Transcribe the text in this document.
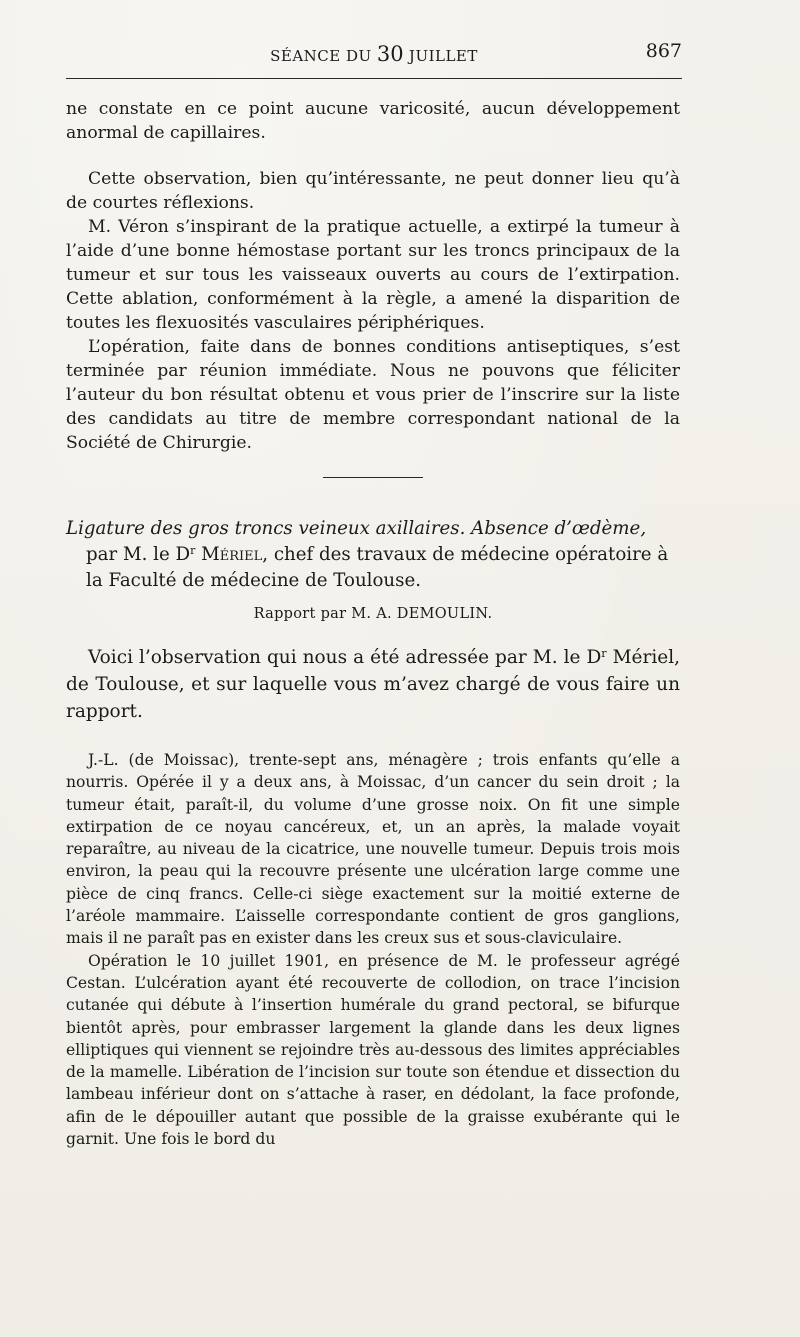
SÉANCE DU 30 JUILLET	867

ne constate en ce point aucune varicosité, aucun développement anormal de capillaires.

Cette observation, bien qu’intéressante, ne peut donner lieu qu’à de courtes réflexions.

M. Véron s’inspirant de la pratique actuelle, a extirpé la tumeur à l’aide d’une bonne hémostase portant sur les troncs principaux de la tumeur et sur tous les vaisseaux ouverts au cours de l’extirpation. Cette ablation, conformément à la règle, a amené la disparition de toutes les flexuosités vasculaires périphériques.

L’opération, faite dans de bonnes conditions antiseptiques, s’est terminée par réunion immédiate. Nous ne pouvons que féliciter l’auteur du bon résultat obtenu et vous prier de l’inscrire sur la liste des candidats au titre de membre correspondant national de la Société de Chirurgie.

Ligature des gros troncs veineux axillaires. Absence d’œdème, par M. le $D^r$ Mériel, chef des travaux de médecine opératoire à la Faculté de médecine de Toulouse.

Rapport par M. A. DEMOULIN.

Voici l’observation qui nous a été adressée par M. le $D^r$ Mériel, de Toulouse, et sur laquelle vous m’avez chargé de vous faire un rapport.

J.-L. (de Moissac), trente-sept ans, ménagère ; trois enfants qu’elle a nourris. Opérée il y a deux ans, à Moissac, d’un cancer du sein droit ; la tumeur était, paraît-il, du volume d’une grosse noix. On fit une simple extirpation de ce noyau cancéreux, et, un an après, la malade voyait reparaître, au niveau de la cicatrice, une nouvelle tumeur. Depuis trois mois environ, la peau qui la recouvre présente une ulcération large comme une pièce de cinq francs. Celle-ci siège exactement sur la moitié externe de l’aréole mammaire. L’aisselle correspondante contient de gros ganglions, mais il ne paraît pas en exister dans les creux sus et sous-claviculaire.

Opération le 10 juillet 1901, en présence de M. le professeur agrégé Cestan. L’ulcération ayant été recouverte de collodion, on trace l’incision cutanée qui débute à l’insertion humérale du grand pectoral, se bifurque bientôt après, pour embrasser largement la glande dans les deux lignes elliptiques qui viennent se rejoindre très au-dessous des limites appréciables de la mamelle. Libération de l’incision sur toute son étendue et dissection du lambeau inférieur dont on s’attache à raser, en dédolant, la face profonde, afin de le dépouiller autant que possible de la graisse exubérante qui le garnit. Une fois le bord du
